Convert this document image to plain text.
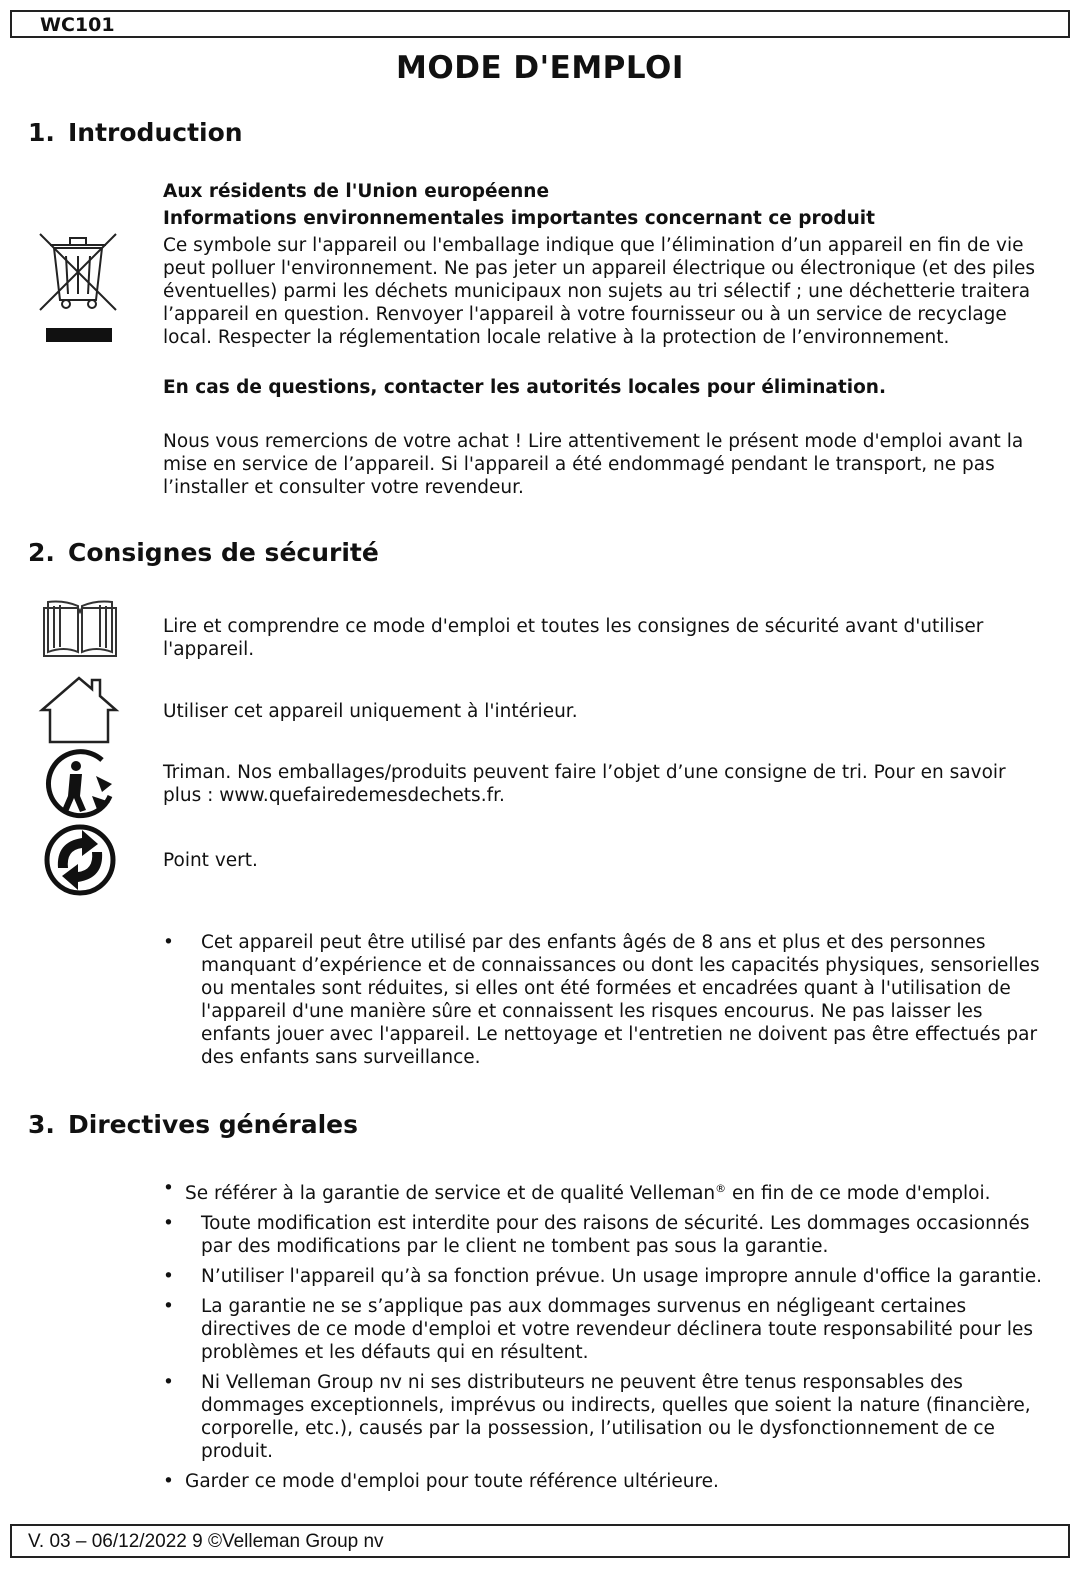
WC101
MODE D'EMPLOI
1. Introduction

Aux résidents de l'Union européenne

Informations environnementales importantes concernant ce produit

Ce symbole sur l'appareil ou l'emballage indique que l’élimination d’un appareil en fin de vie peut polluer l'environnement. Ne pas jeter un appareil électrique ou électronique (et des piles éventuelles) parmi les déchets municipaux non sujets au tri sélectif ; une déchetterie traitera l’appareil en question. Renvoyer l'appareil à votre fournisseur ou à un service de recyclage local. Respecter la réglementation locale relative à la protection de l’environnement.

En cas de questions, contacter les autorités locales pour élimination.

Nous vous remercions de votre achat ! Lire attentivement le présent mode d'emploi avant la mise en service de l’appareil. Si l'appareil a été endommagé pendant le transport, ne pas l’installer et consulter votre revendeur.

2. Consignes de sécurité

Lire et comprendre ce mode d'emploi et toutes les consignes de sécurité avant d'utiliser l'appareil.

Utiliser cet appareil uniquement à l'intérieur.

Triman. Nos emballages/produits peuvent faire l’objet d’une consigne de tri. Pour en savoir plus : www.quefairedemesdechets.fr.

Point vert.

• Cet appareil peut être utilisé par des enfants âgés de 8 ans et plus et des personnes manquant d’expérience et de connaissances ou dont les capacités physiques, sensorielles ou mentales sont réduites, si elles ont été formées et encadrées quant à l'utilisation de l'appareil d'une manière sûre et connaissent les risques encourus. Ne pas laisser les enfants jouer avec l'appareil. Le nettoyage et l'entretien ne doivent pas être effectués par des enfants sans surveillance.
3. Directives générales
• Se référer à la garantie de service et de qualité Velleman® en fin de ce mode d'emploi.
• Toute modification est interdite pour des raisons de sécurité. Les dommages occasionnés par des modifications par le client ne tombent pas sous la garantie.
• N’utiliser l'appareil qu’à sa fonction prévue. Un usage impropre annule d'office la garantie.
• La garantie ne se s’applique pas aux dommages survenus en négligeant certaines directives de ce mode d'emploi et votre revendeur déclinera toute responsabilité pour les problèmes et les défauts qui en résultent.
• Ni Velleman Group nv ni ses distributeurs ne peuvent être tenus responsables des dommages exceptionnels, imprévus ou indirects, quelles que soient la nature (financière, corporelle, etc.), causés par la possession, l’utilisation ou le dysfonctionnement de ce produit.
• Garder ce mode d'emploi pour toute référence ultérieure.
V. 03 – 06/12/2022 9 ©Velleman Group nv
